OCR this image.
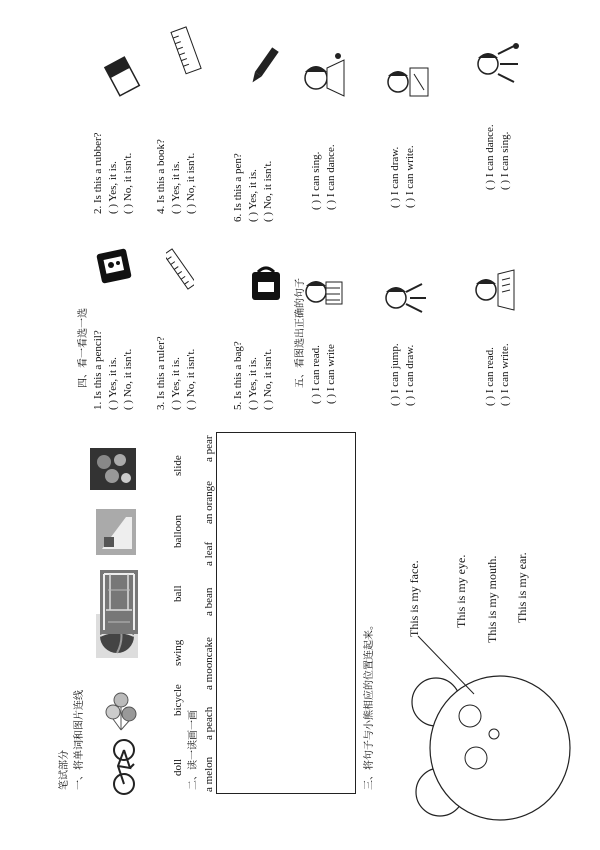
笔试部分 一、将单词和图片连线	doll
bicycle
swing
ball
balloon
slide
二、读一读画一画 a melon
a peach
a mooncake
a bean
a leaf
an orange
a pear
三、将句子与小熊相应的位置连起来。
This is my face.	This is my eye. This is my mouth. This is my ear.
四、看一看选一选 1. Is this a pencil? ( ) Yes, it is. ( ) No, it isn't.
2. Is this a rubber? ( ) Yes, it is. ( ) No, it isn't.
3. Is this a ruler? ( ) Yes, it is. ( ) No, it isn't.
4. Is this a book? ( ) Yes, it is. ( ) No, it isn't.
5. Is this a bag? ( ) Yes, it is. ( ) No, it isn't.
6. Is this a pen? ( ) Yes, it is. ( ) No, it isn't.
五、看图选出正确的句子 ( ) I can read. ( ) I can write
( ) I can sing. ( ) I can dance.
( ) I can jump. ( ) I can draw.
( ) I can draw. ( ) I can write.
( ) I can read. ( ) I can write.
( ) I can dance. ( ) I can sing.
